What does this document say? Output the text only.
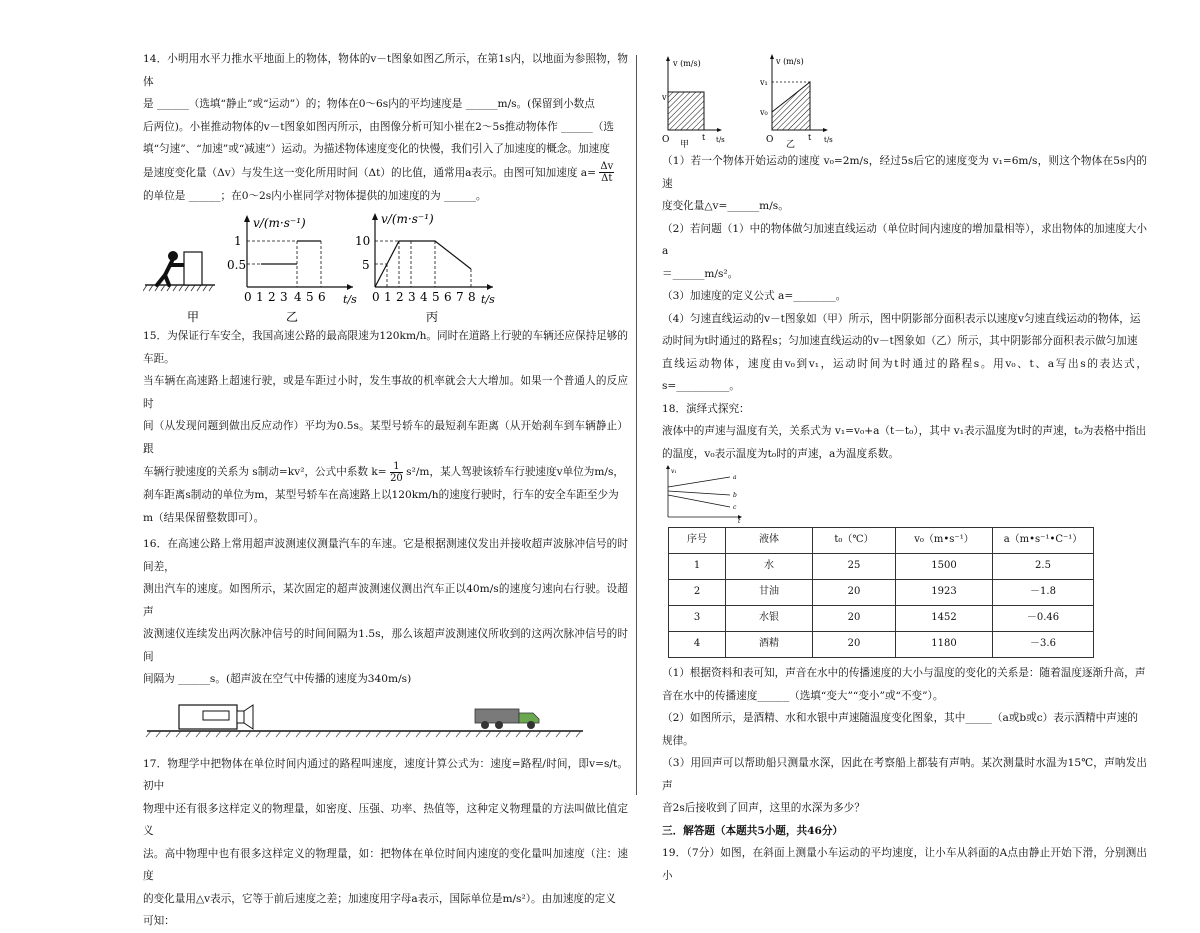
14．小明用水平力推水平地面上的物体，物体的v－t图象如图乙所示，在第1s内，以地面为参照物，物体

是 ______（选填“静止”或“运动”）的；物体在0～6s内的平均速度是 ______m/s。(保留到小数点

后两位)。小崔推动物体的v－t图象如图丙所示，由图像分析可知小崔在2～5s推动物体作 ______（选

填“匀速”、“加速”或“减速”）运动。为描述物体速度变化的快慢，我们引入了加速度的概念。加速度

是速度变化量（Δv）与发生这一变化所用时间（Δt）的比值，通常用a表示。由图可知加速度 $a= \frac{\Delta v}{\Delta t}$

的单位是 ______；在0～2s内小崔同学对物体提供的加速度的为 ______。

v/(m·s⁻¹)
t/s
1
0.5
0 1 2 3 4 5 6
v/(m·s⁻¹)
t/s
10
5
0 1 2 3 4 5 6 7 8
甲	乙	丙

15．为保证行车安全，我国高速公路的最高限速为120km/h。同时在道路上行驶的车辆还应保持足够的车距。

当车辆在高速路上超速行驶，或是车距过小时，发生事故的机率就会大大增加。如果一个普通人的反应时

间（从发现问题到做出反应动作）平均为0.5s。某型号轿车的最短刹车距离（从开始刹车到车辆静止）跟

车辆行驶速度的关系为 s制动=kv²，公式中系数 $k= \frac{1}{20} s^2/m$，某人驾驶该轿车行驶速度v单位为m/s，

刹车距离s制动的单位为m，某型号轿车在高速路上以120km/h的速度行驶时，行车的安全车距至少为

m（结果保留整数即可）。

16．在高速公路上常用超声波测速仪测量汽车的车速。它是根据测速仪发出并接收超声波脉冲信号的时间差，

测出汽车的速度。如图所示，某次固定的超声波测速仪测出汽车正以40m/s的速度匀速向右行驶。设超声

波测速仪连续发出两次脉冲信号的时间间隔为1.5s，那么该超声波测速仪所收到的这两次脉冲信号的时间

间隔为 ______s。(超声波在空气中传播的速度为340m/s)

17．物理学中把物体在单位时间内通过的路程叫速度，速度计算公式为：速度=路程/时间，即v=s/t。初中

物理中还有很多这样定义的物理量，如密度、压强、功率、热值等，这种定义物理量的方法叫做比值定义

法。高中物理中也有很多这样定义的物理量，如：把物体在单位时间内速度的变化量叫加速度（注：速度

的变化量用△v表示，它等于前后速度之差；加速度用字母a表示，国际单位是m/s²）。由加速度的定义

可知：

v (m/s)
v
t t/s
O 甲
v (m/s)
v₁
v₀
t t/s
O 乙

（1）若一个物体开始运动的速度 v₀=2m/s，经过5s后它的速度变为 v₁=6m/s，则这个物体在5s内的速

度变化量△v=______m/s。

（2）若问题（1）中的物体做匀加速直线运动（单位时间内速度的增加量相等），求出物体的加速度大小a

＝______m/s²。

（3）加速度的定义公式 a=________。

（4）匀速直线运动的v－t图象如（甲）所示，图中阴影部分面积表示以速度v匀速直线运动的物体，运

动时间为t时通过的路程s；匀加速直线运动的v－t图象如（乙）所示，其中阴影部分面积表示做匀加速

直线运动物体，速度由v₀到v₁，运动时间为t时通过的路程s。用v₀、t、a写出s的表达式，s=__________。

18．演绎式探究：

液体中的声速与温度有关，关系式为 v₁=v₀+a（t－t₀），其中 v₁表示温度为t时的声速，t₀为表格中指出

的温度，v₀表示温度为t₀时的声速，a为温度系数。

v₁
t
a
b
c
序号	液体	t₀（℃）	v₀（m•s⁻¹）	a（m•s⁻¹•C⁻¹）
1	水	25	1500	2.5
2	甘油	20	1923	－1.8
3	水银	20	1452	－0.46
4	酒精	20	1180	－3.6

（1）根据资料和表可知，声音在水中的传播速度的大小与温度的变化的关系是：随着温度逐渐升高，声

音在水中的传播速度______（选填“变大”“变小”或“不变”）。

（2）如图所示，是酒精、水和水银中声速随温度变化图象，其中_____（a或b或c）表示酒精中声速的

规律。

（3）用回声可以帮助船只测量水深，因此在考察船上都装有声呐。某次测量时水温为15℃，声呐发出声

音2s后接收到了回声，这里的水深为多少？

三．解答题（本题共5小题，共46分）

19．（7分）如图，在斜面上测量小车运动的平均速度，让小车从斜面的A点由静止开始下滑，分别测出小
